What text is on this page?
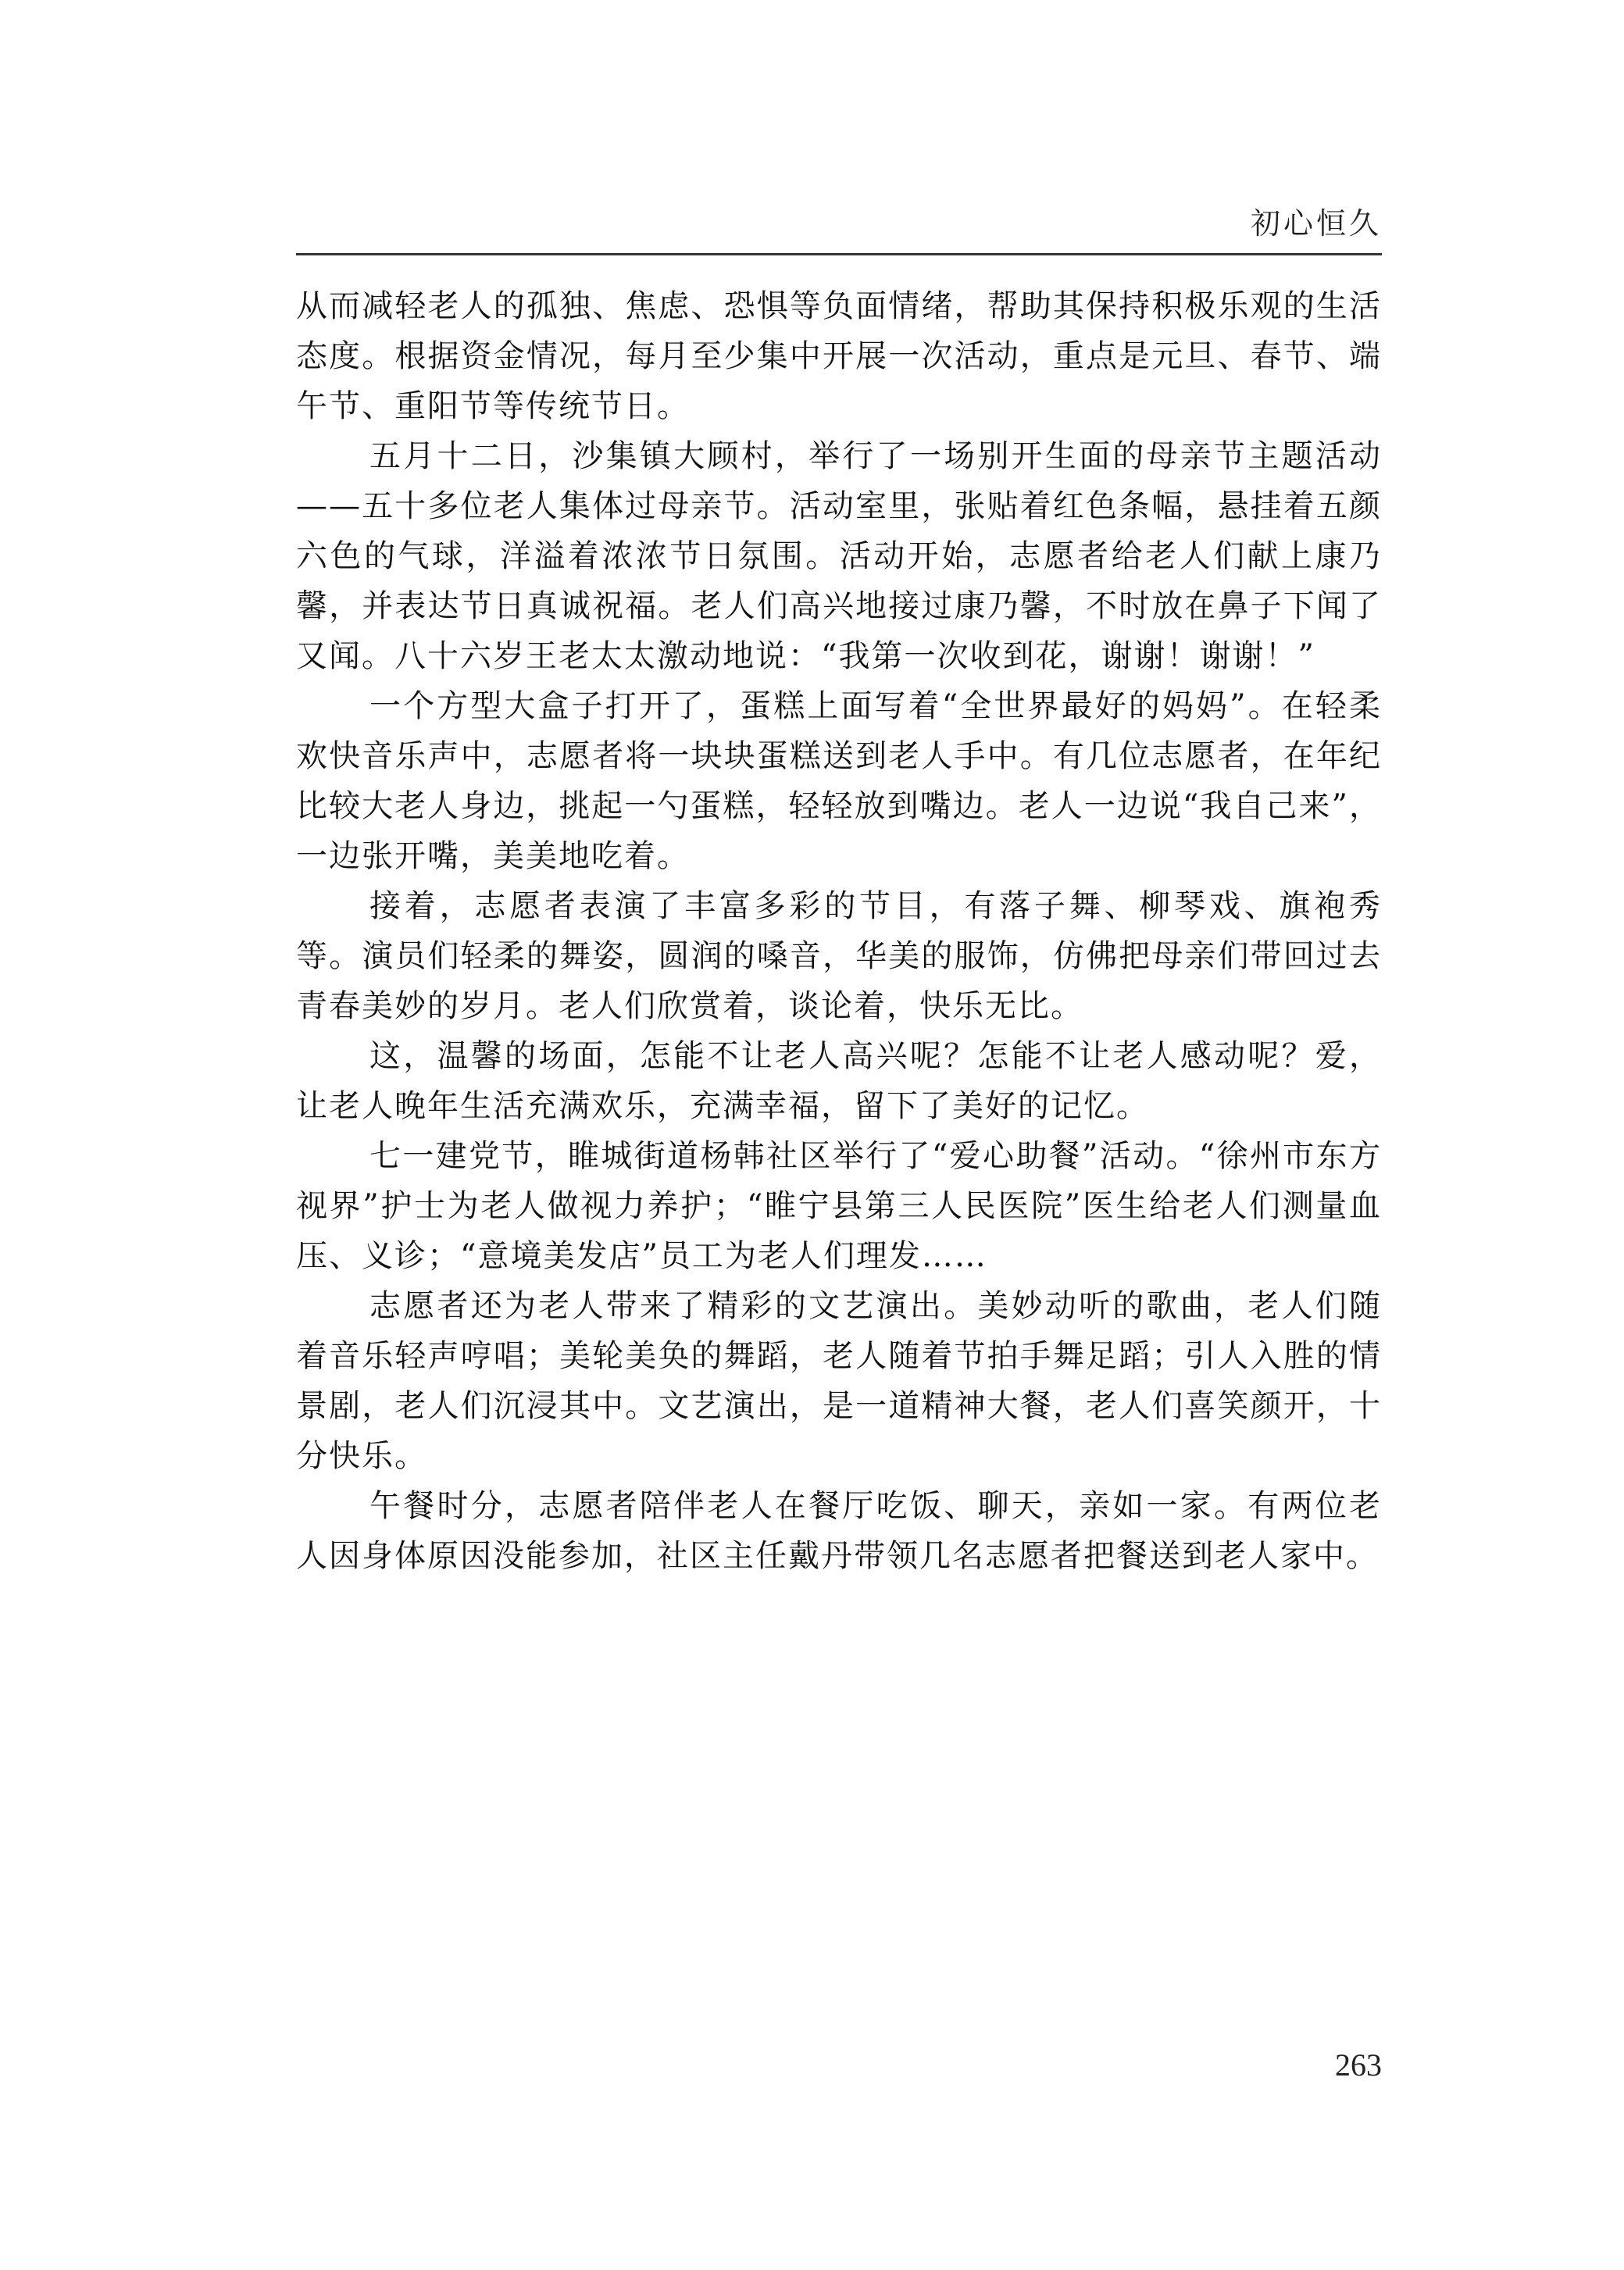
初心恒久

从而减轻老人的孤独、焦虑、恐惧等负面情绪，帮助其保持积极乐观的生活态度。根据资金情况，每月至少集中开展一次活动，重点是元旦、春节、端午节、重阳节等传统节日。

五月十二日，沙集镇大顾村，举行了一场别开生面的母亲节主题活动——五十多位老人集体过母亲节。活动室里，张贴着红色条幅，悬挂着五颜六色的气球，洋溢着浓浓节日氛围。活动开始，志愿者给老人们献上康乃馨，并表达节日真诚祝福。老人们高兴地接过康乃馨，不时放在鼻子下闻了又闻。八十六岁王老太太激动地说：“我第一次收到花，谢谢！谢谢！”

一个方型大盒子打开了，蛋糕上面写着“全世界最好的妈妈”。在轻柔欢快音乐声中，志愿者将一块块蛋糕送到老人手中。有几位志愿者，在年纪比较大老人身边，挑起一勺蛋糕，轻轻放到嘴边。老人一边说“我自己来”，一边张开嘴，美美地吃着。

接着，志愿者表演了丰富多彩的节目，有落子舞、柳琴戏、旗袍秀等。演员们轻柔的舞姿，圆润的嗓音，华美的服饰，仿佛把母亲们带回过去青春美妙的岁月。老人们欣赏着，谈论着，快乐无比。

这，温馨的场面，怎能不让老人高兴呢？怎能不让老人感动呢？爱，让老人晚年生活充满欢乐，充满幸福，留下了美好的记忆。

七一建党节，睢城街道杨韩社区举行了“爱心助餐”活动。“徐州市东方视界”护士为老人做视力养护；“睢宁县第三人民医院”医生给老人们测量血压、义诊；“意境美发店”员工为老人们理发……

志愿者还为老人带来了精彩的文艺演出。美妙动听的歌曲，老人们随着音乐轻声哼唱；美轮美奂的舞蹈，老人随着节拍手舞足蹈；引人入胜的情景剧，老人们沉浸其中。文艺演出，是一道精神大餐，老人们喜笑颜开，十分快乐。

午餐时分，志愿者陪伴老人在餐厅吃饭、聊天，亲如一家。有两位老人因身体原因没能参加，社区主任戴丹带领几名志愿者把餐送到老人家中。

263
